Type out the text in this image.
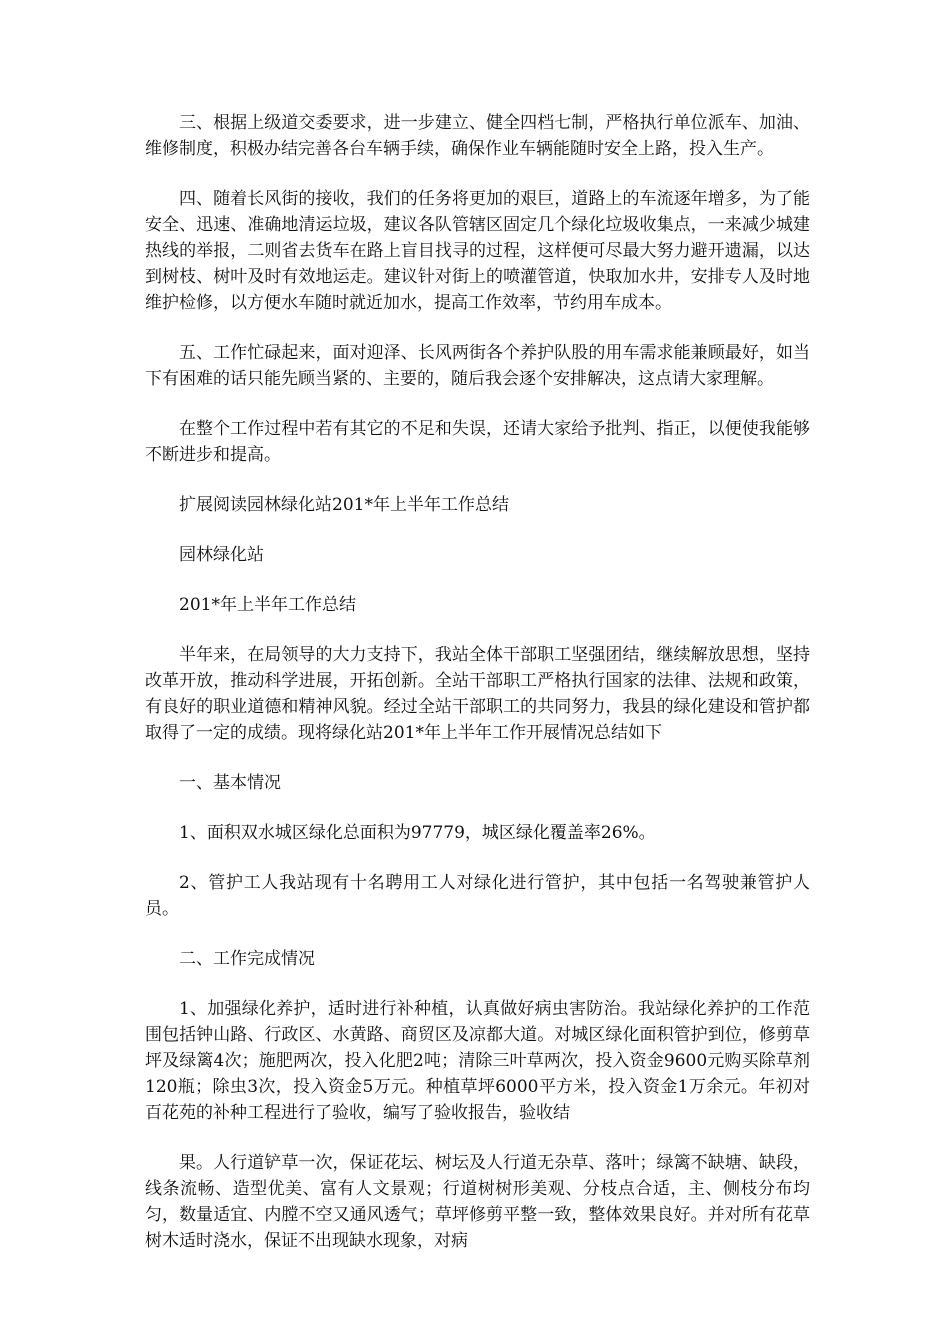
三、根据上级道交委要求，进一步建立、健全四档七制，严格执行单位派车、加油、维修制度，积极办结完善各台车辆手续，确保作业车辆能随时安全上路，投入生产。

四、随着长风街的接收，我们的任务将更加的艰巨，道路上的车流逐年增多，为了能安全、迅速、准确地清运垃圾，建议各队管辖区固定几个绿化垃圾收集点，一来减少城建热线的举报，二则省去货车在路上盲目找寻的过程，这样便可尽最大努力避开遗漏，以达到树枝、树叶及时有效地运走。建议针对街上的喷灌管道，快取加水井，安排专人及时地维护检修，以方便水车随时就近加水，提高工作效率，节约用车成本。

五、工作忙碌起来，面对迎泽、长风两街各个养护队股的用车需求能兼顾最好，如当下有困难的话只能先顾当紧的、主要的，随后我会逐个安排解决，这点请大家理解。

在整个工作过程中若有其它的不足和失误，还请大家给予批判、指正，以便使我能够不断进步和提高。

扩展阅读园林绿化站201*年上半年工作总结

园林绿化站

201*年上半年工作总结

半年来，在局领导的大力支持下，我站全体干部职工坚强团结，继续解放思想，坚持改革开放，推动科学进展，开拓创新。全站干部职工严格执行国家的法律、法规和政策，有良好的职业道德和精神风貌。经过全站干部职工的共同努力，我县的绿化建设和管护都取得了一定的成绩。现将绿化站201*年上半年工作开展情况总结如下

一、基本情况

1、面积双水城区绿化总面积为97779，城区绿化覆盖率26%。

2、管护工人我站现有十名聘用工人对绿化进行管护，其中包括一名驾驶兼管护人员。

二、工作完成情况

1、加强绿化养护，适时进行补种植，认真做好病虫害防治。我站绿化养护的工作范围包括钟山路、行政区、水黄路、商贸区及凉都大道。对城区绿化面积管护到位，修剪草坪及绿篱4次；施肥两次，投入化肥2吨；清除三叶草两次，投入资金9600元购买除草剂120瓶；除虫3次，投入资金5万元。种植草坪6000平方米，投入资金1万余元。年初对百花苑的补种工程进行了验收，编写了验收报告，验收结

果。人行道铲草一次，保证花坛、树坛及人行道无杂草、落叶；绿篱不缺塘、缺段，线条流畅、造型优美、富有人文景观；行道树树形美观、分枝点合适，主、侧枝分布均匀，数量适宜、内膛不空又通风透气；草坪修剪平整一致，整体效果良好。并对所有花草树木适时浇水，保证不出现缺水现象，对病
